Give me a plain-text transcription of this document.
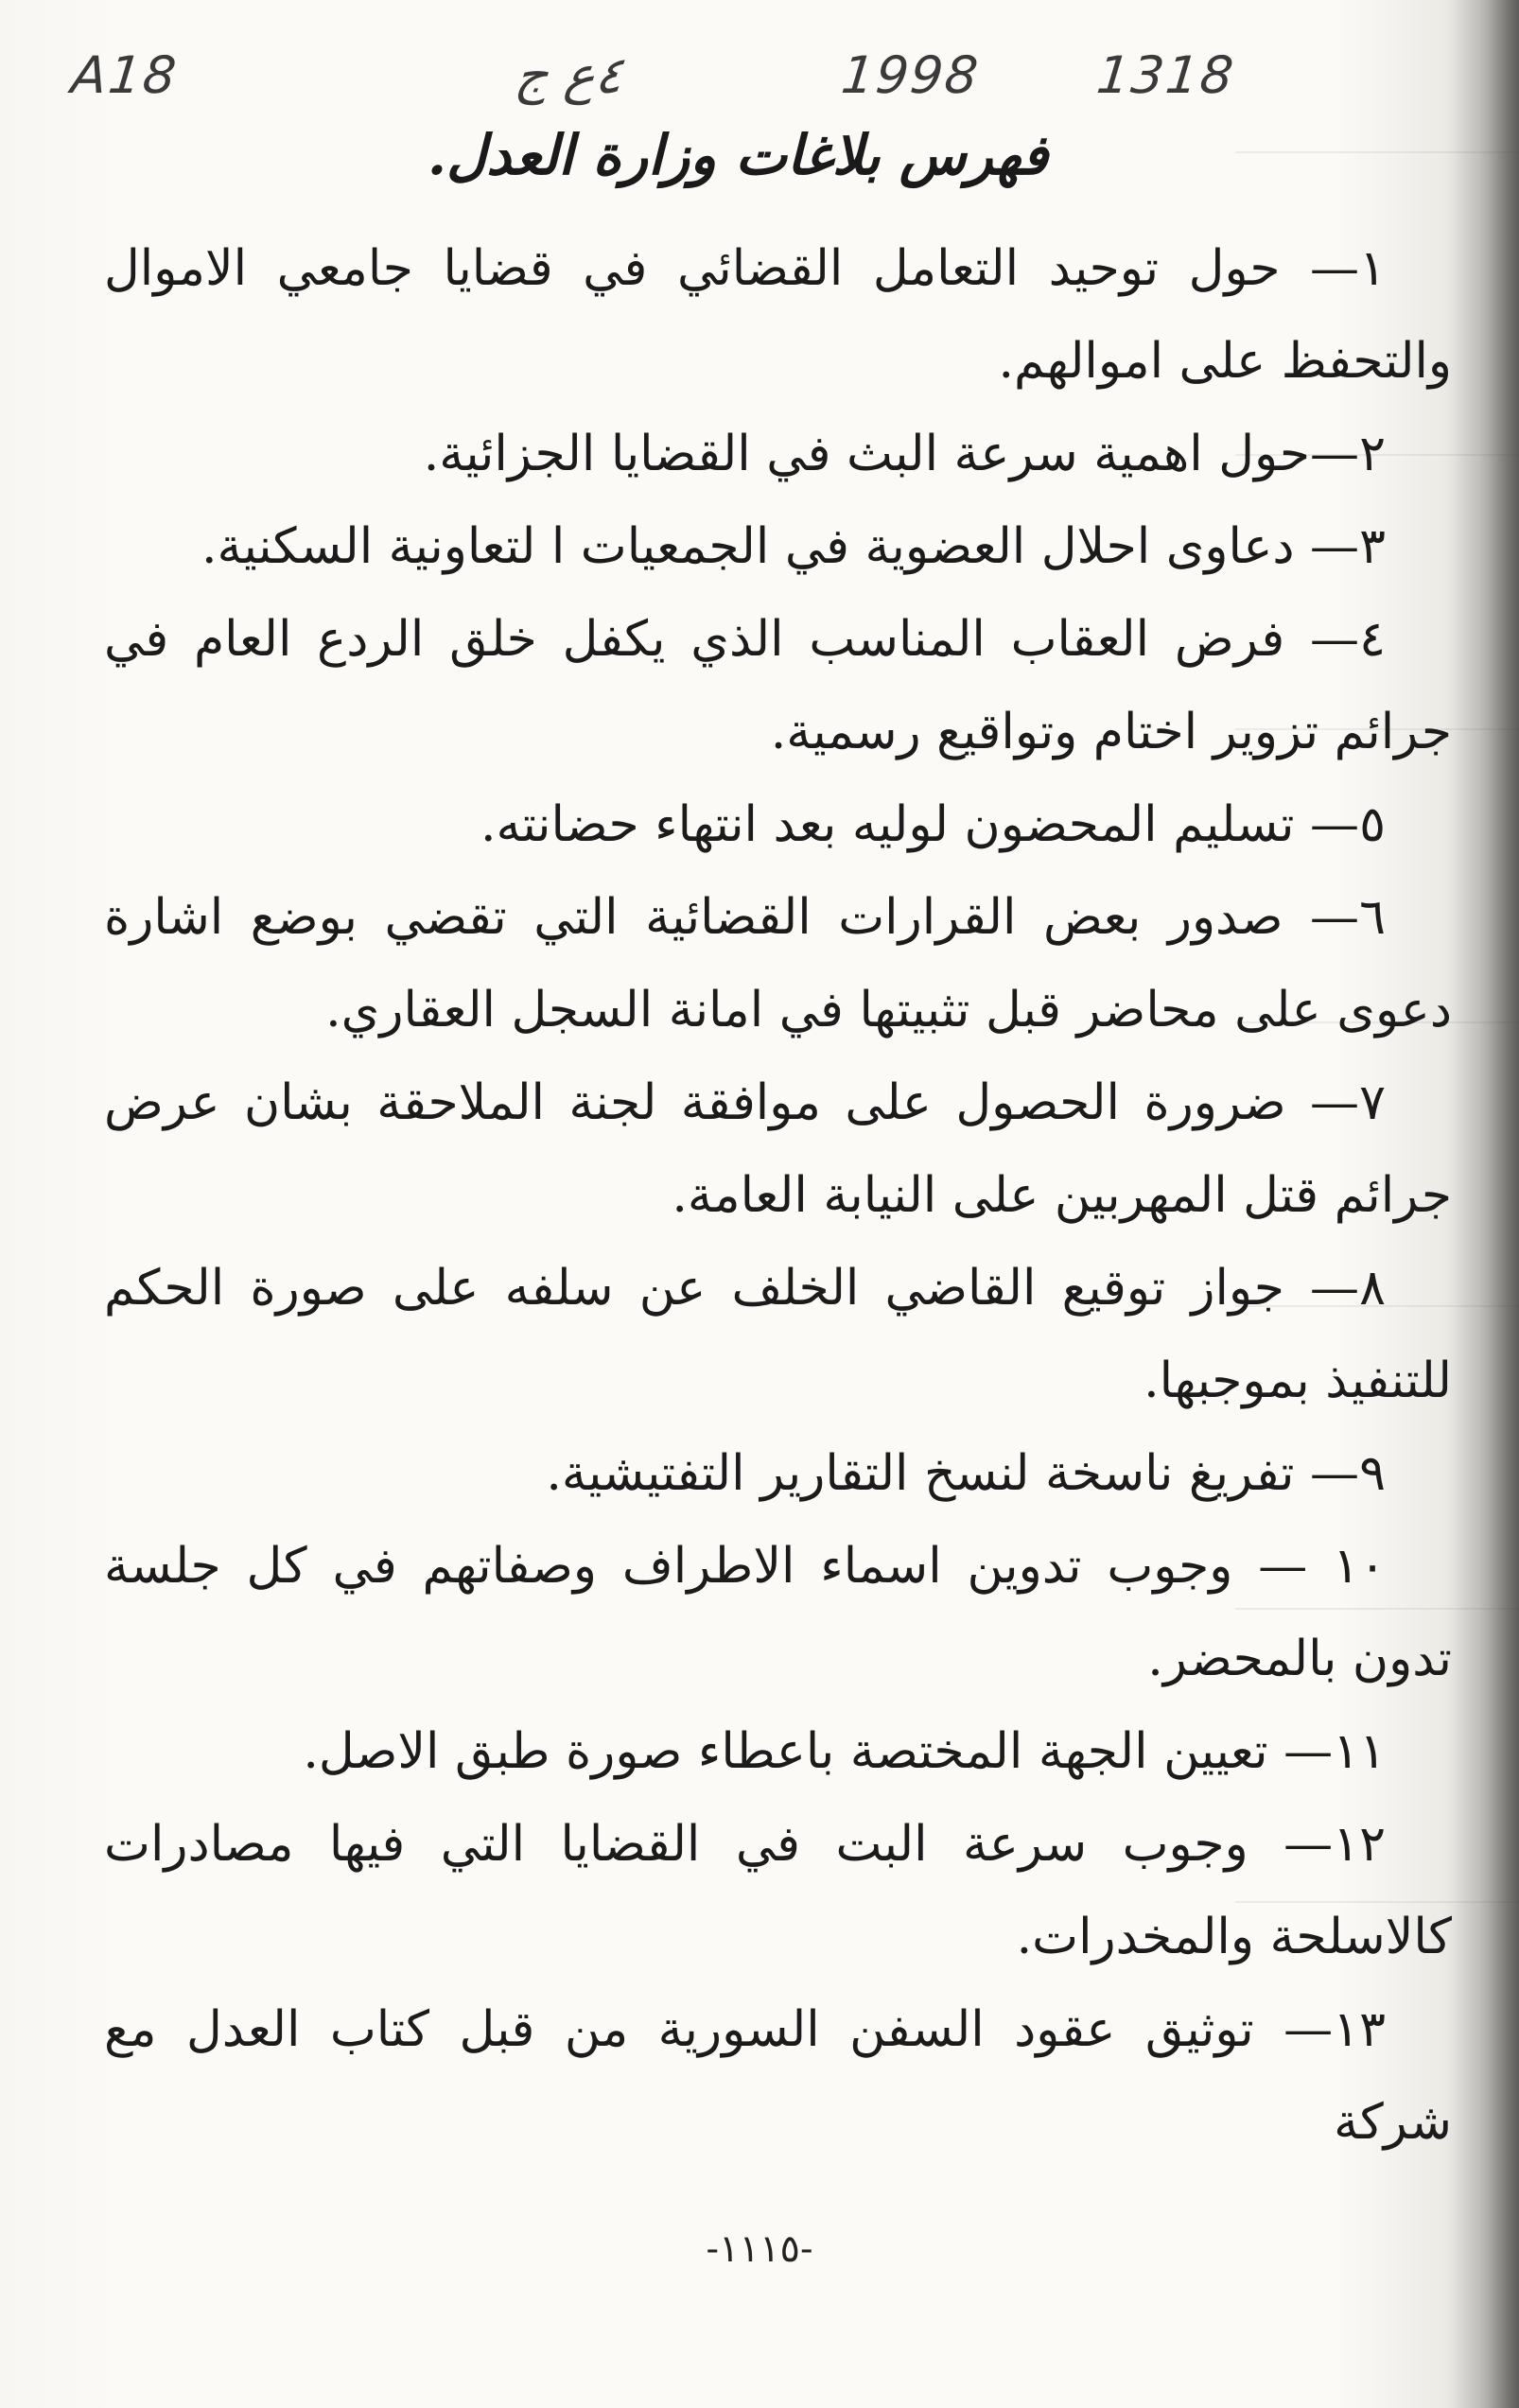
A18	٤ع ج	1998 1318
فهرس بلاغات وزارة العدل.

١— حول توحيد التعامل القضائي في قضايا جامعي الاموال والتحفظ على اموالهم.

٢—حول اهمية سرعة البث في القضايا الجزائية.

٣— دعاوى احلال العضوية في الجمعيات ا لتعاونية السكنية.

٤— فرض العقاب المناسب الذي يكفل خلق الردع العام في جرائم تزوير اختام وتواقيع رسمية.

٥— تسليم المحضون لوليه بعد انتهاء حضانته.

٦— صدور بعض القرارات القضائية التي تقضي بوضع اشارة دعوى على محاضر قبل تثبيتها في امانة السجل العقاري.

٧— ضرورة الحصول على موافقة لجنة الملاحقة بشان عرض جرائم قتل المهربين على النيابة العامة.

٨— جواز توقيع القاضي الخلف عن سلفه على صورة الحكم للتنفيذ بموجبها.

٩— تفريغ ناسخة لنسخ التقارير التفتيشية.

١٠ — وجوب تدوين اسماء الاطراف وصفاتهم في كل جلسة تدون بالمحضر.

١١— تعيين الجهة المختصة باعطاء صورة طبق الاصل.

١٢— وجوب سرعة البت في القضايا التي فيها مصادرات كالاسلحة والمخدرات.

١٣— توثيق عقود السفن السورية من قبل كتاب العدل مع شركة

-١١١٥-
